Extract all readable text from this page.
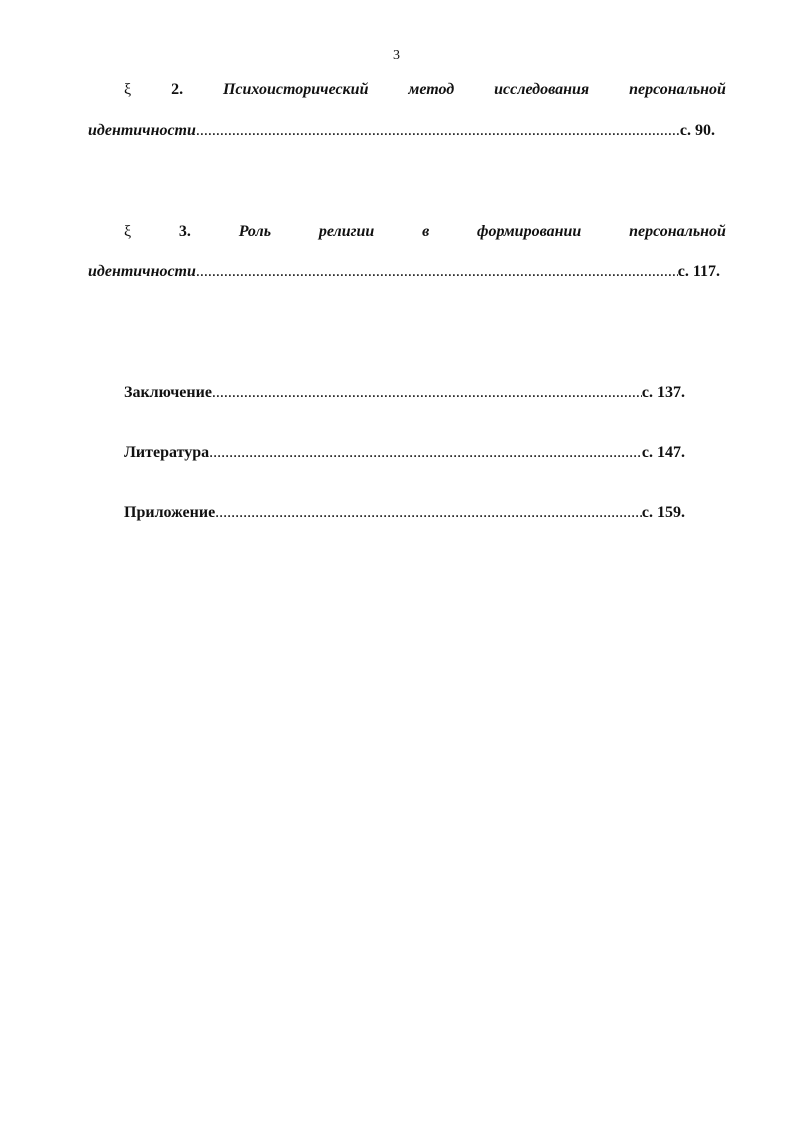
3
ξ 2. Психоисторический метод исследования персональной
идентичности .....	с. 90.
ξ	3.	Роль	религии	в	формировании	персональной
идентичности .....	с. 117.
Заключение .....	с. 137.
Литература .....	с. 147.
Приложение .....	с. 159.
